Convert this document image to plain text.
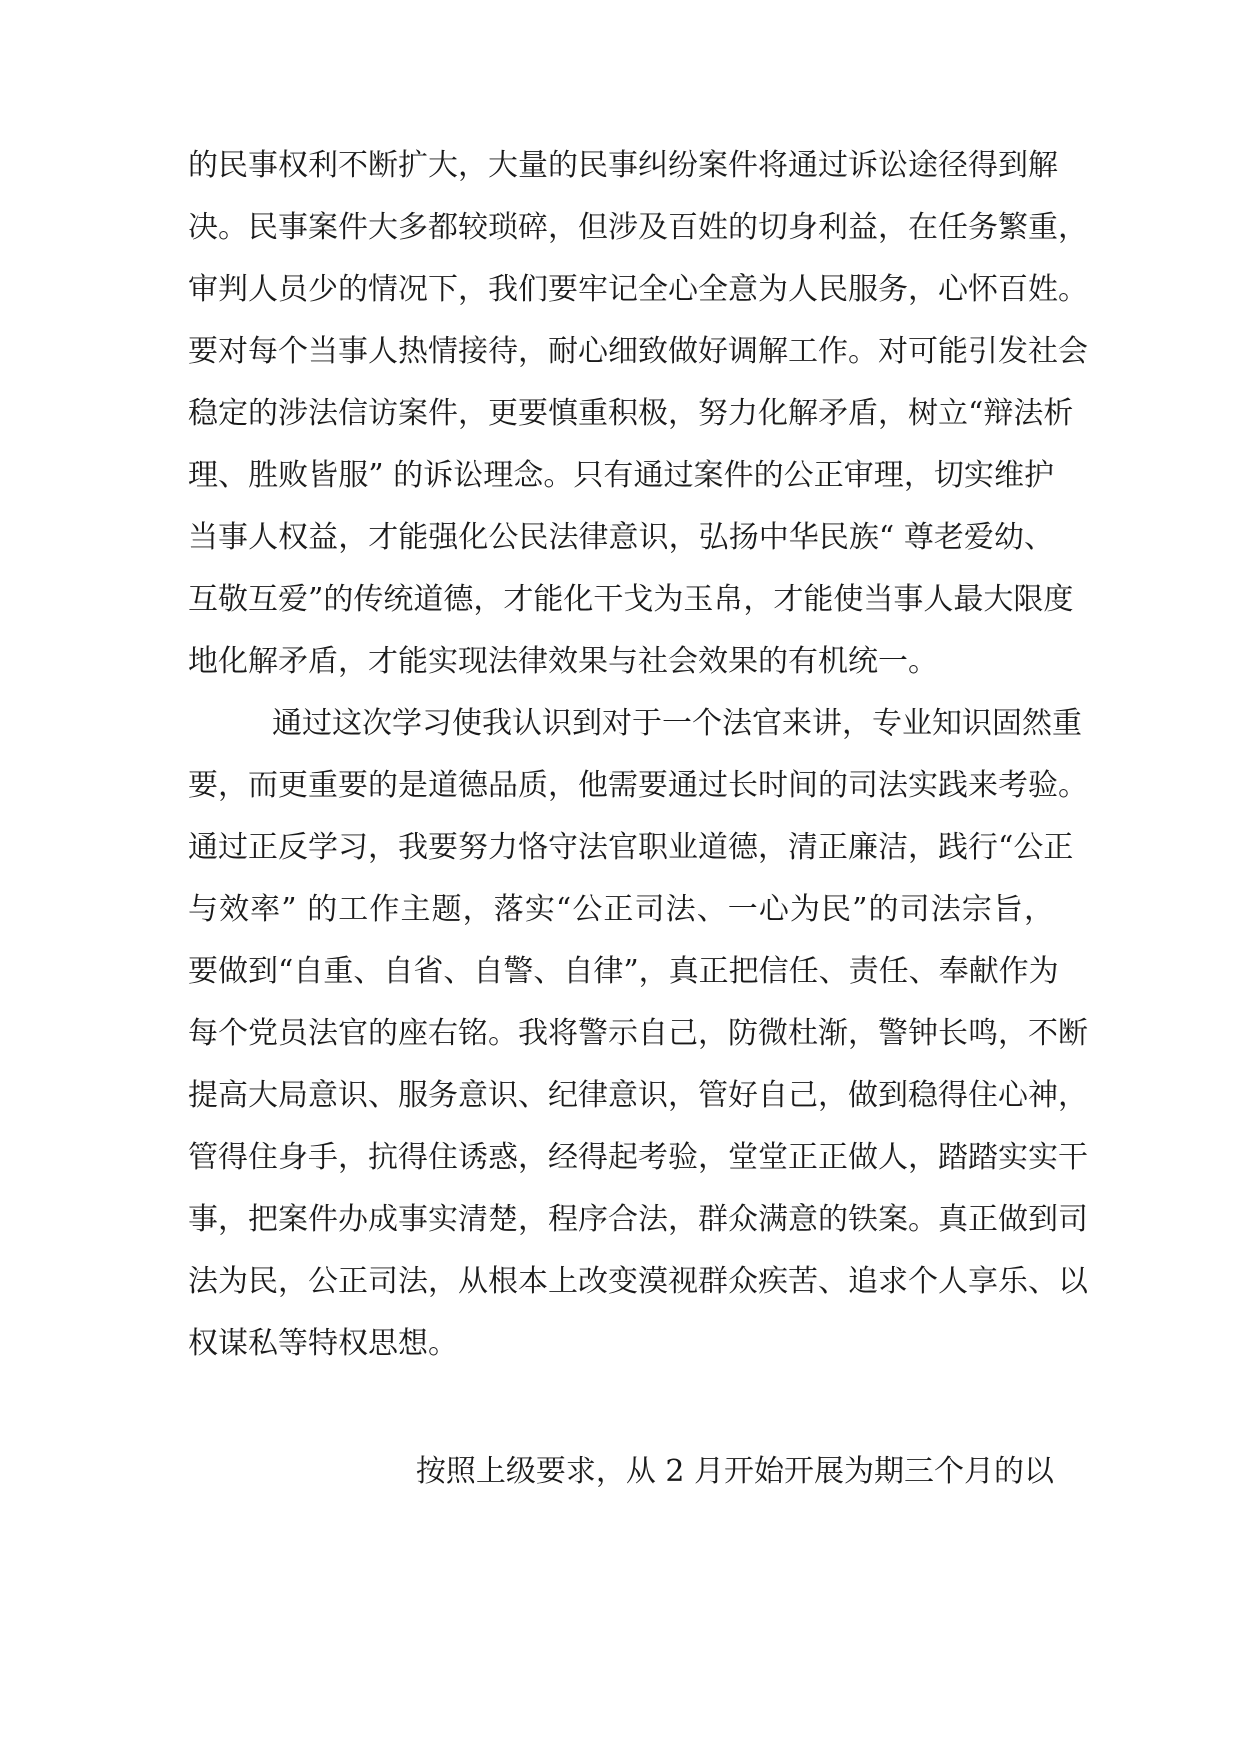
的民事权利不断扩大，大量的民事纠纷案件将通过诉讼途径得到解
决。民事案件大多都较琐碎，但涉及百姓的切身利益，在任务繁重，
审判人员少的情况下，我们要牢记全心全意为人民服务，心怀百姓。
要对每个当事人热情接待，耐心细致做好调解工作。对可能引发社会
稳定的涉法信访案件，更要慎重积极，努力化解矛盾，树立“辩法析
理、胜败皆服” 的诉讼理念。只有通过案件的公正审理，切实维护
当事人权益，才能强化公民法律意识，弘扬中华民族“ 尊老爱幼、
互敬互爱”的传统道德，才能化干戈为玉帛，才能使当事人最大限度
地化解矛盾，才能实现法律效果与社会效果的有机统一。
通过这次学习使我认识到对于一个法官来讲，专业知识固然重
要，而更重要的是道德品质，他需要通过长时间的司法实践来考验。
通过正反学习，我要努力恪守法官职业道德，清正廉洁，践行“公正
与效率” 的工作主题，落实“公正司法、一心为民”的司法宗旨，
要做到“自重、自省、自警、自律”，真正把信任、责任、奉献作为
每个党员法官的座右铭。我将警示自己，防微杜渐，警钟长鸣，不断
提高大局意识、服务意识、纪律意识，管好自己，做到稳得住心神，
管得住身手，抗得住诱惑，经得起考验，堂堂正正做人，踏踏实实干
事，把案件办成事实清楚，程序合法，群众满意的铁案。真正做到司
法为民，公正司法，从根本上改变漠视群众疾苦、追求个人享乐、以
权谋私等特权思想。
按照上级要求，从 2 月开始开展为期三个月的以
